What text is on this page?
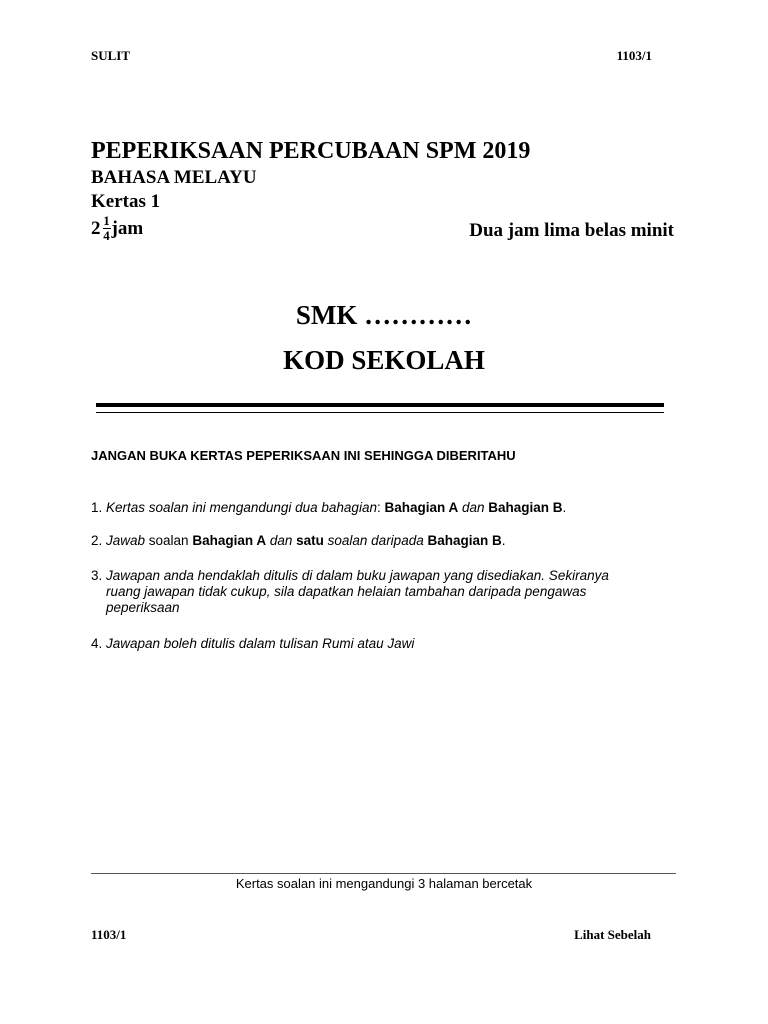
SULIT	1103/1
PEPERIKSAAN PERCUBAAN SPM 2019
BAHASA MELAYU
Kertas 1
$2 \frac{1}{4}$ jam	Dua jam lima belas minit
SMK …………
KOD SEKOLAH
JANGAN BUKA KERTAS PEPERIKSAAN INI SEHINGGA DIBERITAHU
1. Kertas soalan ini mengandungi dua bahagian: Bahagian A dan Bahagian B.
2. Jawab soalan Bahagian A dan satu soalan daripada Bahagian B.
3. Jawapan anda hendaklah ditulis di dalam buku jawapan yang disediakan. Sekiranya
ruang jawapan tidak cukup, sila dapatkan helaian tambahan daripada pengawas
peperiksaan
4. Jawapan boleh ditulis dalam tulisan Rumi atau Jawi
Kertas soalan ini mengandungi 3 halaman bercetak
1103/1	Lihat Sebelah
